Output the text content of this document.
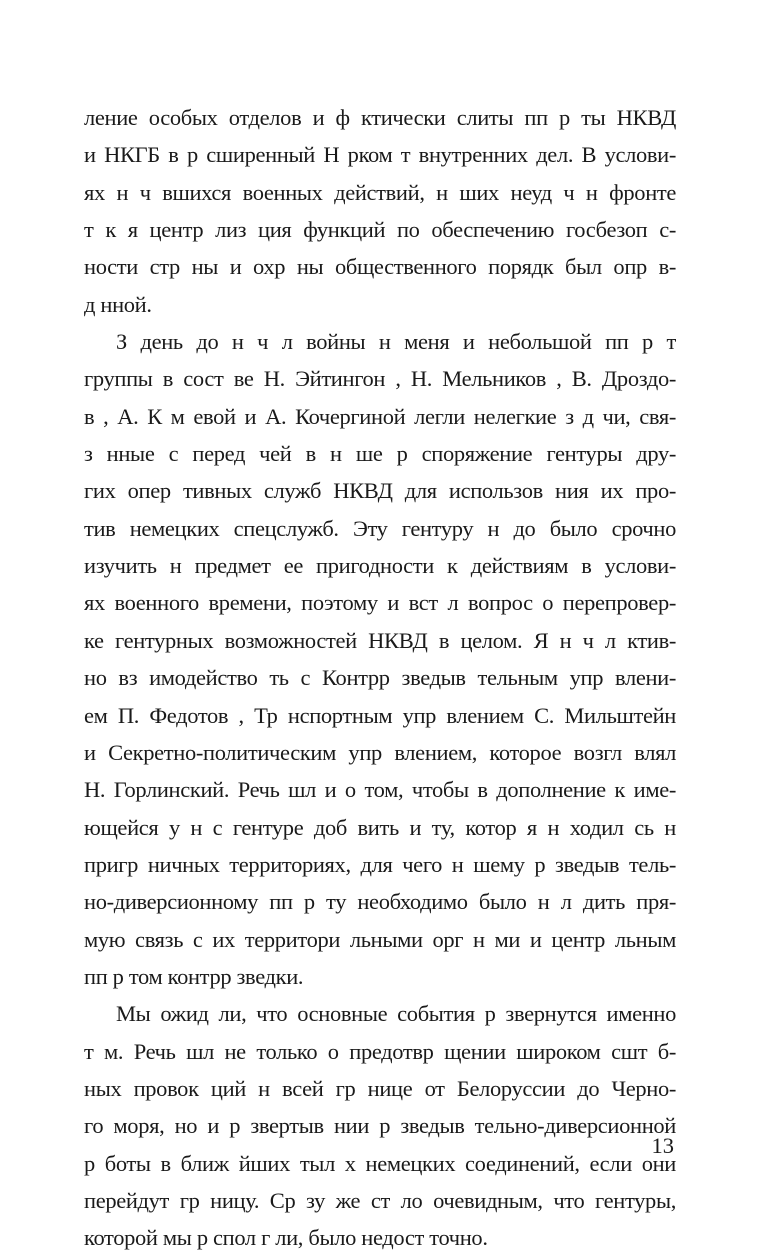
ление особых отделов и ф ктически слиты пп р ты НКВД
и НКГБ в р сширенный Н рком т внутренних дел. В услови-
ях н ч вшихся военных действий, н ших неуд ч н фронте
т к я центр лиз ция функций по обеспечению госбезоп с-
ности стр ны и охр ны общественного порядк был опр в-
д нной.
З день до н ч л войны н меня и небольшой пп р т
группы в сост ве Н. Эйтингон , Н. Мельников , В. Дроздо-
в , А. К м евой и А. Кочергиной легли нелегкие з д чи, свя-
з нные с перед чей в н ше р споряжение гентуры дру-
гих опер тивных служб НКВД для использов ния их про-
тив немецких спецслужб. Эту гентуру н до было срочно
изучить н предмет ее пригодности к действиям в услови-
ях военного времени, поэтому и вст л вопрос о перепровер-
ке гентурных возможностей НКВД в целом. Я н ч л ктив-
но вз имодейство ть с Контрр зведыв тельным упр влени-
ем П. Федотов , Тр нспортным упр влением С. Мильштейн
и Секретно-политическим упр влением, которое возгл влял
Н. Горлинский. Речь шл и о том, чтобы в дополнение к име-
ющейся у н с гентуре доб вить и ту, котор я н ходил сь н
пригр ничных территориях, для чего н шему р зведыв тель-
но-диверсионному пп р ту необходимо было н л дить пря-
мую связь с их территори льными орг н ми и центр льным
пп р том контрр зведки.
Мы ожид ли, что основные события р звернутся именно
т м. Речь шл не только о предотвр щении широком сшт б-
ных провок ций н всей гр нице от Белоруссии до Черно-
го моря, но и р звертыв нии р зведыв тельно-диверсионной
р боты в ближ йших тыл х немецких соединений, если они
перейдут гр ницу. Ср зу же ст ло очевидным, что гентуры,
которой мы р спол г ли, было недост точно.
13
